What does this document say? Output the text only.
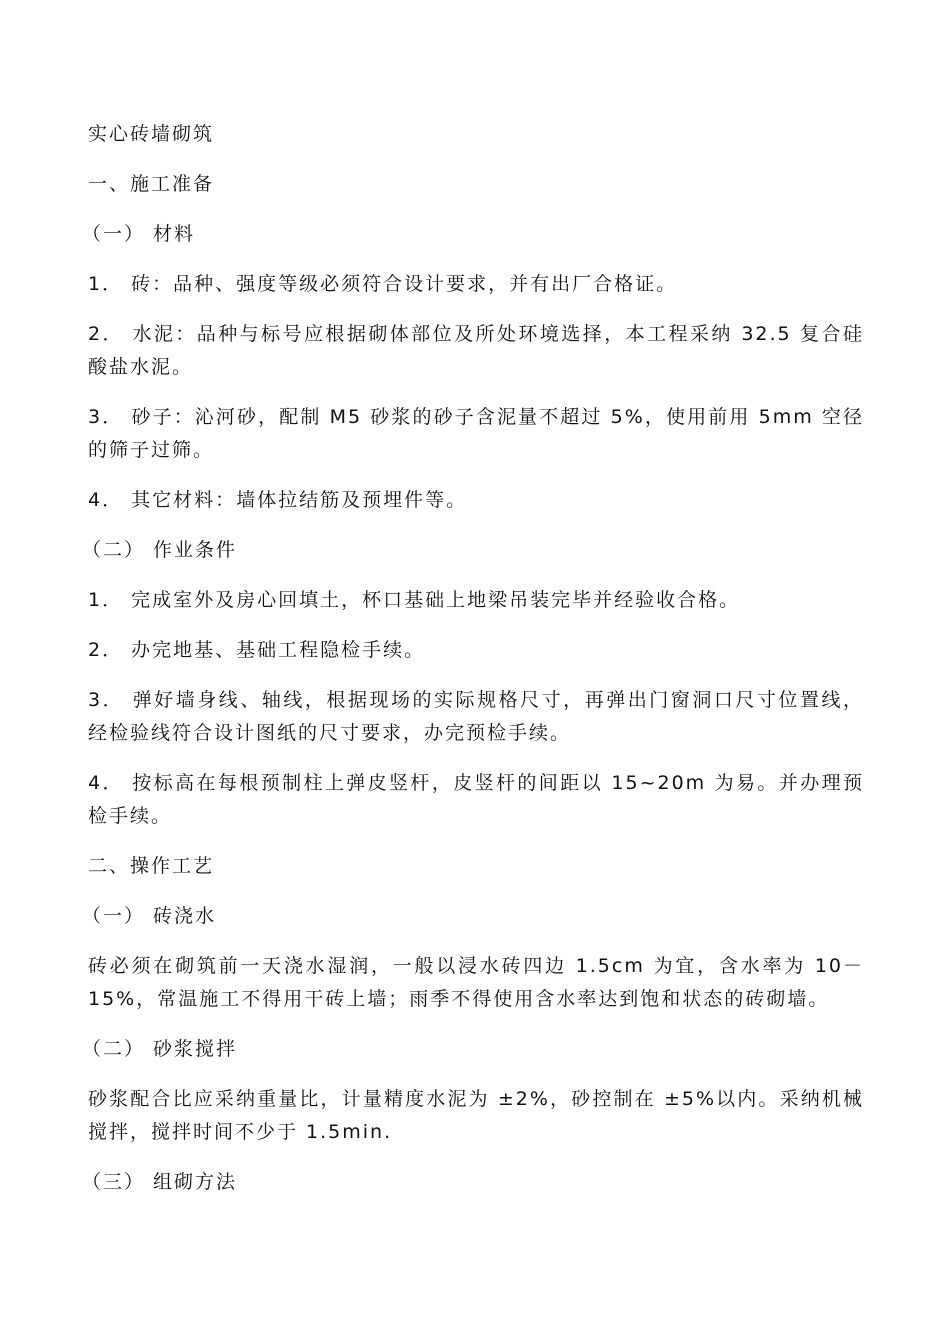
实心砖墙砌筑

一、施工准备

（一） 材料

1． 砖：品种、强度等级必须符合设计要求，并有出厂合格证。

2． 水泥：品种与标号应根据砌体部位及所处环境选择，本工程采纳 32.5 复合硅酸盐水泥。

3． 砂子：沁河砂，配制 M5 砂浆的砂子含泥量不超过 5%，使用前用 5mm 空径的筛子过筛。

4． 其它材料：墙体拉结筋及预埋件等。

（二） 作业条件

1． 完成室外及房心回填土，杯口基础上地梁吊装完毕并经验收合格。

2． 办完地基、基础工程隐检手续。

3． 弹好墙身线、轴线，根据现场的实际规格尺寸，再弹出门窗洞口尺寸位置线，经检验线符合设计图纸的尺寸要求，办完预检手续。

4． 按标高在每根预制柱上弹皮竖杆，皮竖杆的间距以 15~20m 为易。并办理预检手续。

二、操作工艺

（一） 砖浇水

砖必须在砌筑前一天浇水湿润，一般以浸水砖四边 1.5cm 为宜，含水率为 10－15%，常温施工不得用干砖上墙；雨季不得使用含水率达到饱和状态的砖砌墙。

（二） 砂浆搅拌

砂浆配合比应采纳重量比，计量精度水泥为 ±2%，砂控制在 ±5%以内。采纳机械搅拌，搅拌时间不少于 1.5min.

（三） 组砌方法
